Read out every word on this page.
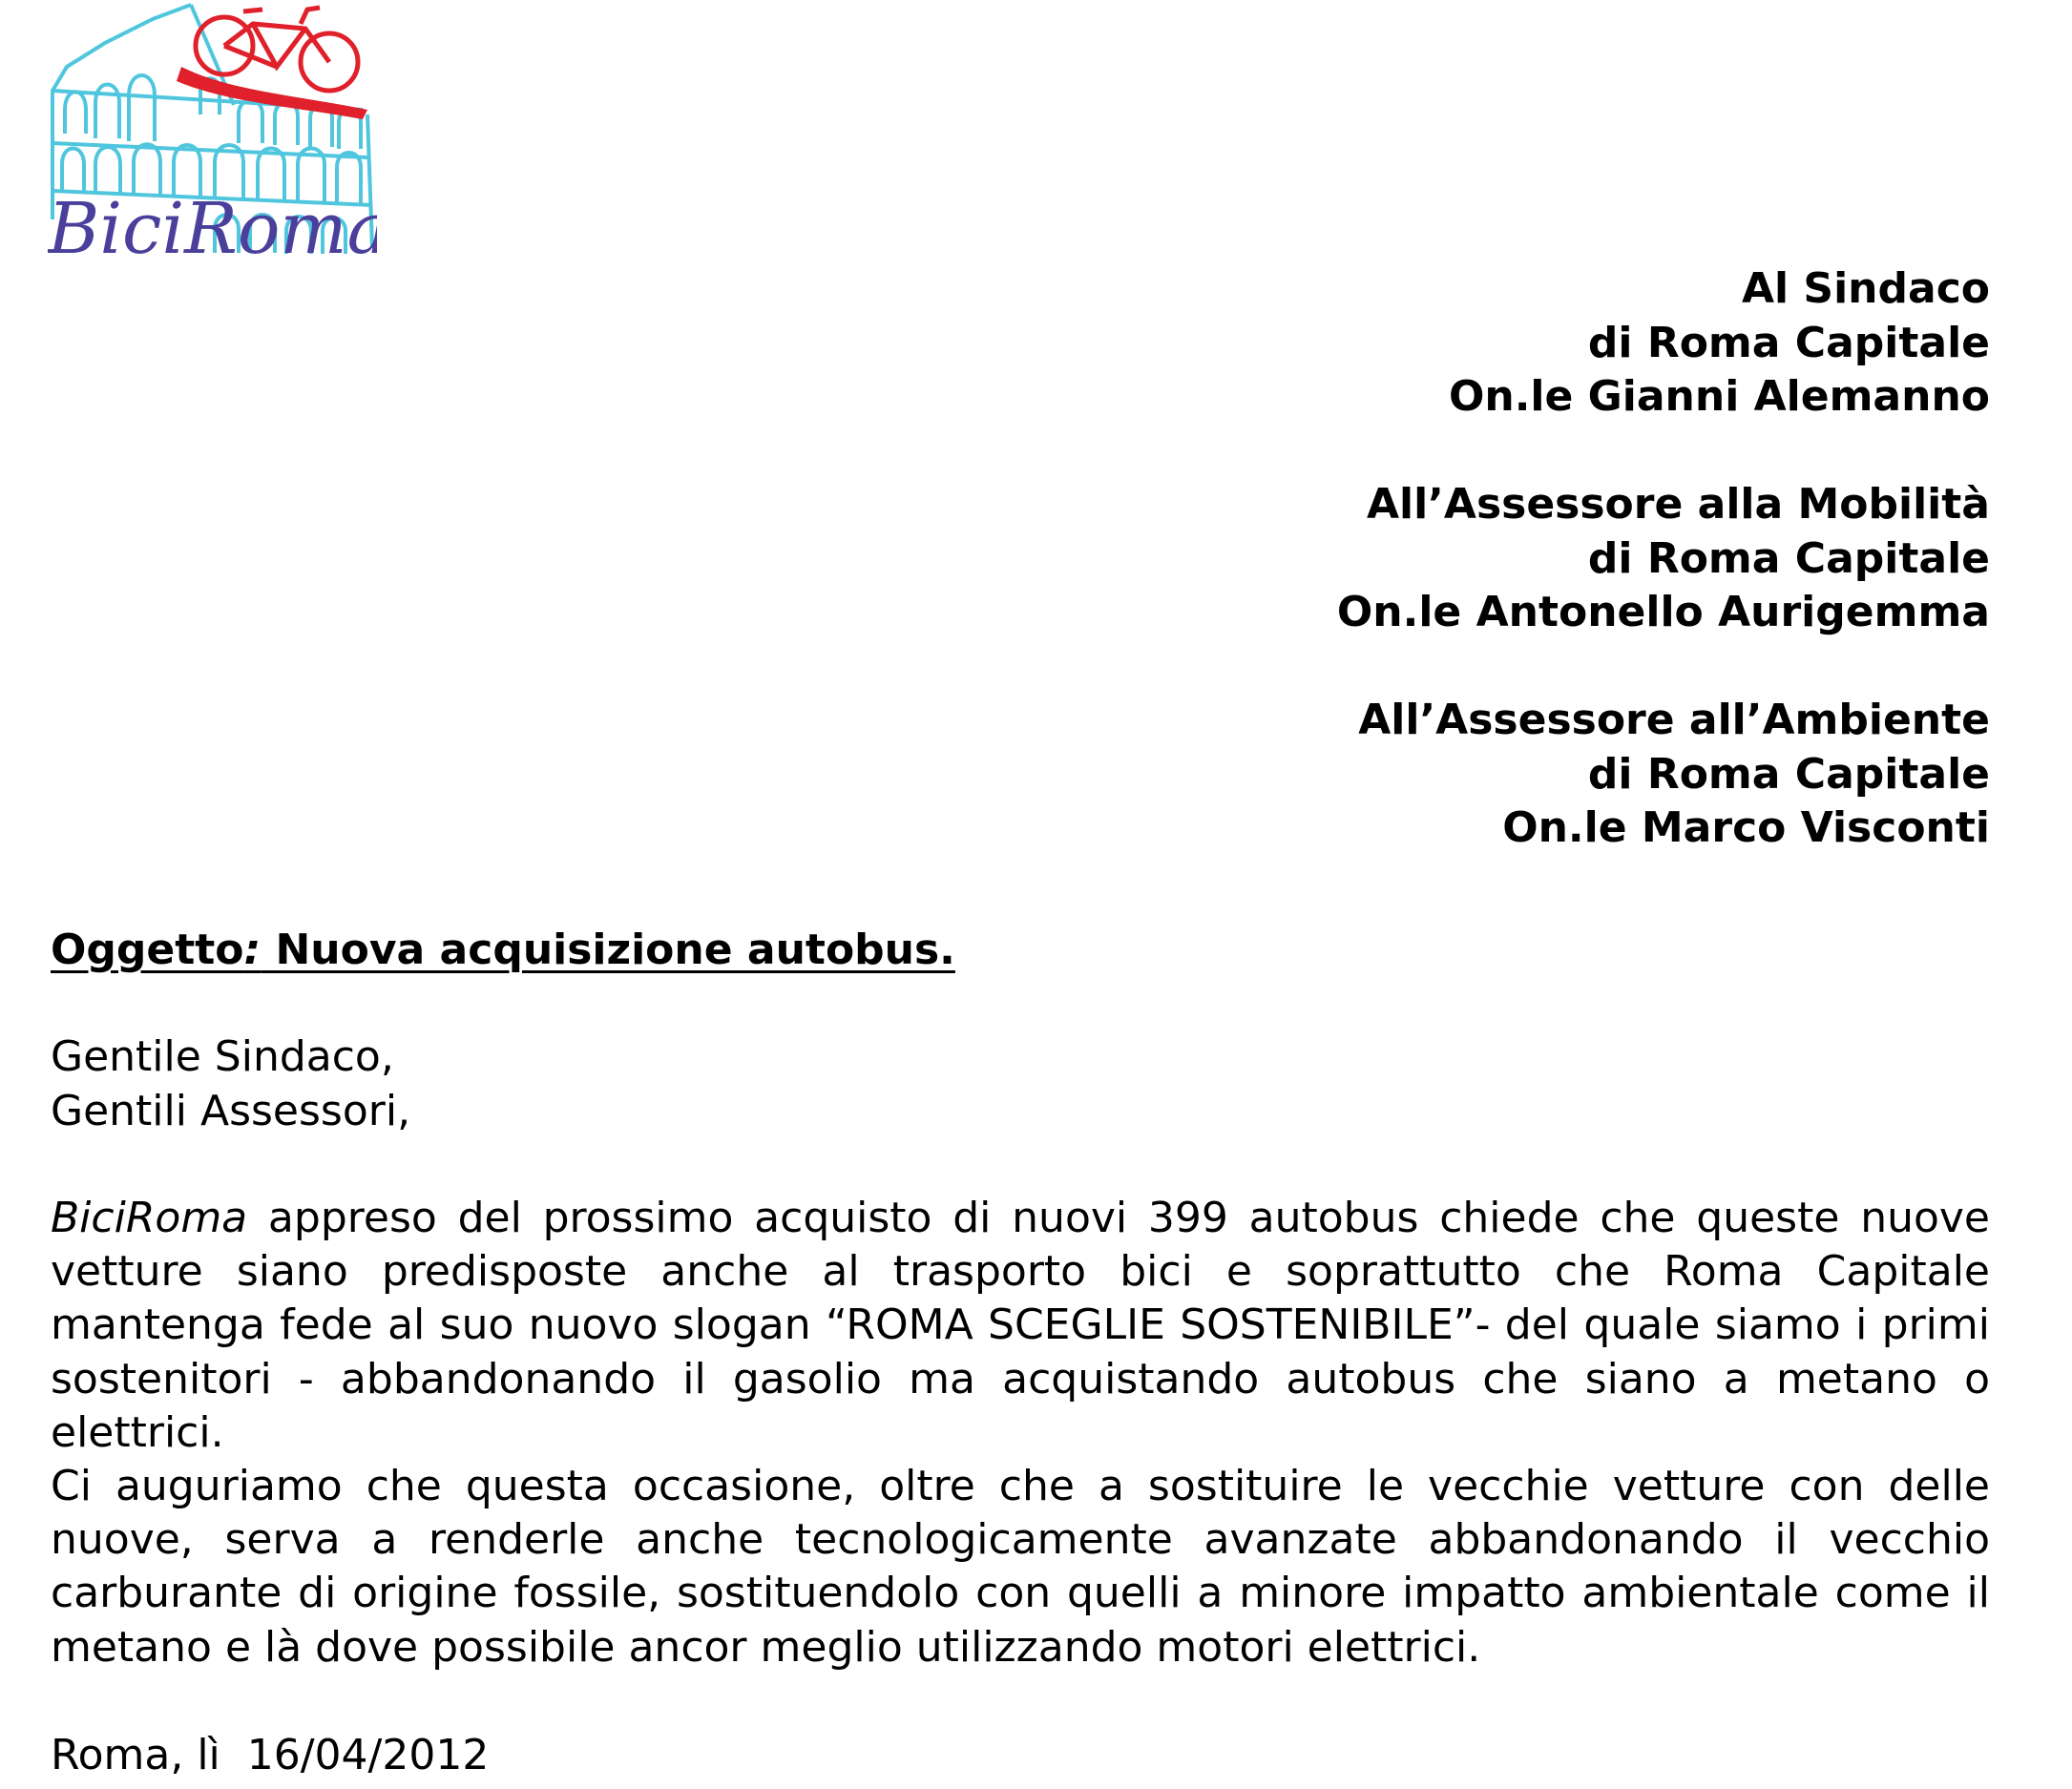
BiciRoma
Al Sindaco
di Roma Capitale
On.le Gianni Alemanno
All’Assessore alla Mobilità
di Roma Capitale
On.le Antonello Aurigemma
All’Assessore all’Ambiente
di Roma Capitale
On.le Marco Visconti
Oggetto: Nuova acquisizione autobus.
Gentile Sindaco,
Gentili Assessori,

BiciRoma appreso del prossimo acquisto di nuovi 399 autobus chiede che queste nuove vetture siano predisposte anche al trasporto bici e soprattutto che Roma Capitale mantenga fede al suo nuovo slogan “ROMA SCEGLIE SOSTENIBILE”- del quale siamo i primi sostenitori - abbandonando il gasolio ma acquistando autobus che siano a metano o elettrici.

Ci auguriamo che questa occasione, oltre che a sostituire le vecchie vetture con delle nuove, serva a renderle anche tecnologicamente avanzate abbandonando il vecchio carburante di origine fossile, sostituendolo con quelli a minore impatto ambientale come il metano e là dove possibile ancor meglio utilizzando motori elettrici.

Roma, lì  16/04/2012
